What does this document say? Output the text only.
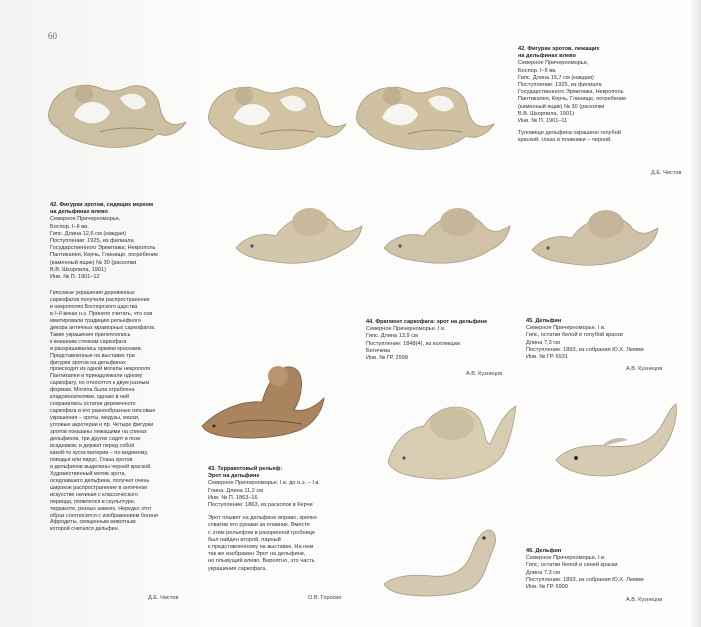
60
42. Фигурки эротов, лежащих
на дельфинах влево
Северное Причерноморье,
Боспор. I–II вв.
Гипс. Длина 15,7 см (каждая)
Поступление: 1925, из филиала
Государственного Эрмитажа, Некрополь
Пантикапея, Керчь, Глинище, погребение
(каменный ящик) № 30 (раскопки
В.В. Шкорпила, 1901)
Инв. № П. 1901–11
Туловище дельфина окрашено голубой
краской, глаза и плавники – черной.
Д.Е. Чистов
42. Фигурки эротов, сидящих верхом
на дельфинах влево
Северное Причерноморье,
Боспор. I–II вв.
Гипс. Длина 12,6 см (каждая)
Поступление: 1925, из филиала
Государственного Эрмитажа; Некрополь
Пантикапея, Керчь, Глинище, погребение
(каменный ящик) № 30 (раскопки
В.В. Шкорпила, 1901)
Инв. № П. 1901–12
Гипсовые украшения деревянных
саркофагов получили распространение
в некрополях Боспорского царства
в I–II веках н.э. Принято считать, что они
имитировали традицию рельефного
декора античных мраморных саркофагов.
Такие украшения прилеплялись
к внешним стенкам саркофага
и раскрашивались яркими красками.
Представленные на выставке три
фигурки эротов на дельфинах
происходят из одной могилы некрополя
Пантикапея и принадлежали одному
саркофагу, но относятся к двум разным
формам. Могила была ограблена
кладоискателями, однако в ней
сохранились остатки деревянного
саркофага и его разнообразные гипсовые
украшения – эроты, медузы, маски,
угловые акротерии и пр. Четыре фигурки
эротов показаны лежащими на спинах
дельфинов, три других сидят в позе
всадников, и держат перед собой
какой-то кусок материи – по-видимому,
поводья или парус. Глаза эротов
и дельфинов выделены черной краской.
Художественный мотив эрота,
оседлавшего дельфина, получил очень
широкое распространение в античном
искусстве начиная с классического
периода, появлялся в скульптуре,
терракоте, резных камнях. Нередко этот
образ соотносится с изображением богини
Афродиты, священным животным
которой считался дельфин.
Д.Е. Чистов
44. Фрагмент саркофага: эрот на дельфине
Северное Причерноморье. I в.
Гипс. Длина 13,9 см
Поступление: 1848(4), из коллекции
Бегичева
Инв. № ГР. 2998
А.В. Кузнецов
45. Дельфин
Северное Причерноморье. I в.
Гипс, остатки белой и голубой краски
Длина 7,3 см
Поступление: 1893, из собрания Ю.Х. Лемме
Инв. № ГР. 6931
А.В. Кузнецов
43. Терракотовый рельеф:
Эрот на дельфине
Северное Причерноморье. I в. до н.э. – I в.
Глина. Длина 11,2 см
Инв. № П. 1863–16
Поступление: 1863, из раскопок в Керчи
Эрот плывет на дельфине вправо, крепко
схватив его руками за плавник. Вместе
с этим рельефом в разоренной гробнице
был найден второй, парный
к представленному на выставке. На нем
так же изображен Эрот на дельфине,
но плывущий влево. Вероятно, это часть
украшения саркофага.
О.В. Горская
46. Дельфин
Северное Причерноморье. I в.
Гипс, остатки белой и синей краски
Длина 7,3 см
Поступление: 1893, из собрания Ю.Х. Лемме
Инв. № ГР. 6900
А.В. Кузнецов
